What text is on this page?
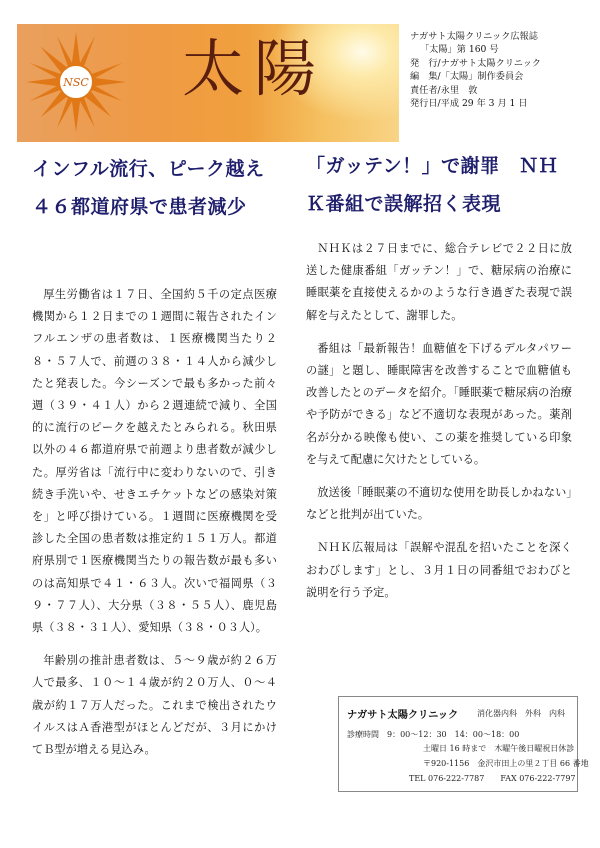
NSC 太陽	ナガサト太陽クリニック広報誌
「太陽」第 160 号
発　行/ナガサト太陽クリニック
編　集/「太陽」制作委員会
責任者/永里　敦
発行日/平成 29 年 3 月 1 日
インフル流行、ピーク越え　４６都道府県で患者減少

厚生労働省は１７日、全国約５千の定点医療機関から１２日までの１週間に報告されたインフルエンザの患者数は、１医療機関当たり２８・５７人で、前週の３８・１４人から減少したと発表した。今シーズンで最も多かった前々週（３９・４１人）から２週連続で減り、全国的に流行のピークを越えたとみられる。秋田県以外の４６都道府県で前週より患者数が減少した。厚労省は「流行中に変わりないので、引き続き手洗いや、せきエチケットなどの感染対策を」と呼び掛けている。１週間に医療機関を受診した全国の患者数は推定約１５１万人。都道府県別で１医療機関当たりの報告数が最も多いのは高知県で４１・６３人。次いで福岡県（３９・７７人）、大分県（３８・５５人）、鹿児島県（３８・３１人）、愛知県（３８・０３人）。

年齢別の推計患者数は、５～９歳が約２６万人で最多、１０～１４歳が約２０万人、０～４歳が約１７万人だった。これまで検出されたウイルスはＡ香港型がほとんどだが、３月にかけてＢ型が増える見込み。

「ガッテン！」で謝罪　ＮＨＫ番組で誤解招く表現

ＮＨＫは２７日までに、総合テレビで２２日に放送した健康番組「ガッテン！」で、糖尿病の治療に睡眠薬を直接使えるかのような行き過ぎた表現で誤解を与えたとして、謝罪した。

番組は「最新報告！血糖値を下げるデルタパワーの謎」と題し、睡眠障害を改善することで血糖値も改善したとのデータを紹介。「睡眠薬で糖尿病の治療や予防ができる」など不適切な表現があった。薬剤名が分かる映像も使い、この薬を推奨している印象を与えて配慮に欠けたとしている。

放送後「睡眠薬の不適切な使用を助長しかねない」などと批判が出ていた。

ＮＨＫ広報局は「誤解や混乱を招いたことを深くおわびします」とし、３月１日の同番組でおわびと説明を行う予定。

ナガサト太陽クリニック 消化器内科　外科　内科
診療時間　9：00～12：30　14：00～18：00
土曜日 16 時まで　木曜午後日曜祝日休診
〒920-1156　金沢市田上の里２丁目 66 番地
TEL 076-222-7787　　FAX 076-222-7797
